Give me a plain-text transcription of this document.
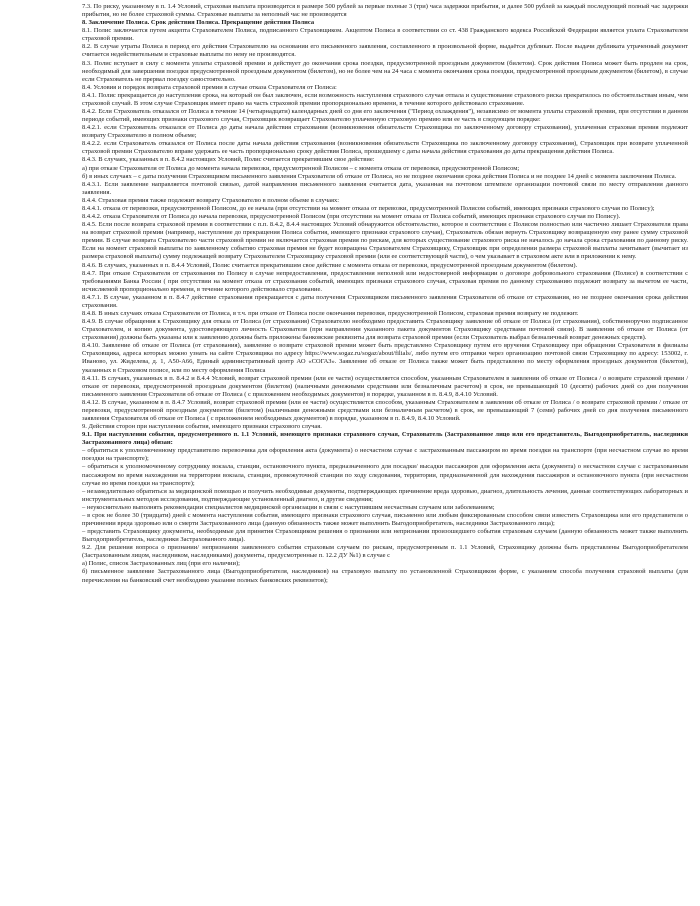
7.3. По риску, указанному в п. 1.4 Условий, страховая выплата производится в размере 500 рублей за первые полные 3 (три) часа задержки прибытия, и далее 500 рублей за каждый последующий полный час задержки прибытия, но не более страховой суммы. Страховые выплаты за неполный час не производятся

8. Заключение Полиса. Срок действия Полиса. Прекращение действия Полиса

8.1. Полис заключается путем акцепта Страхователем Полиса, подписанного Страховщиком. Акцептом Полиса в соответствии со ст. 438 Гражданского кодекса Российской Федерации является уплата Страхователем страховой премии.

8.2. В случае утраты Полиса в период его действия Страхователю на основании его письменного заявления, составленного в произвольной форме, выдаётся дубликат. После выдачи дубликата утраченный документ считается недействительным и страховые выплаты по нему не производятся.

8.3. Полис вступает в силу с момента уплаты страховой премии и действует до окончания срока поездки, предусмотренной проездным документом (билетом). Срок действия Полиса может быть продлен на срок, необходимый для завершения поездки предусмотренной проездным документом (билетом), но не более чем на 24 часа с момента окончания срока поездки, предусмотренной проездным документом (билетом), в случае если Страхователь не прервал поездку самостоятельно.

8.4. Условия и порядок возврата страховой премии в случае отказа Страхователя от Полиса:

8.4.1. Полис прекращается до наступления срока, на который он был заключен, если возможность наступления страхового случая отпала и существование страхового риска прекратилось по обстоятельствам иным, чем страховой случай. В этом случае Страховщик имеет право на часть страховой премии пропорционально времени, в течение которого действовало страхование.

8.4.2. Если Страхователь отказался от Полиса в течение 14 (четырнадцати) календарных дней со дня его заключения ("Период охлаждения"), независимо от момента уплаты страховой премии, при отсутствии в данном периоде событий, имеющих признаки страхового случая, Страховщик возвращает Страхователю уплаченную страховую премию или ее часть в следующем порядке:

8.4.2.1. если Страхователь отказался от Полиса до даты начала действия страхования (возникновения обязательств Страховщика по заключенному договору страхования), уплаченная страховая премия подлежит возврату Страхователю в полном объеме;

8.4.2.2. если Страхователь отказался от Полиса после даты начала действия страхования (возникновения обязательств Страховщика по заключенному договору страхования), Страховщик при возврате уплаченной страховой премии Страхователю вправе удержать ее часть пропорционально сроку действия Полиса, прошедшему с даты начала действия страхования до даты прекращения действия Полиса.

8.4.3. В случаях, указанных в п. 8.4.2 настоящих Условий, Полис считается прекратившим свое действие:

а) при отказе Страхователя от Полиса до момента начала перевозки, предусмотренной Полисом – с момента отказа от перевозки, предусмотренной Полисом;

б) в иных случаях – с даты получения Страховщиком письменного заявления Страхователя об отказе от Полиса, но не позднее окончания срока действия Полиса и не позднее 14 дней с момента заключения Полиса.

8.4.3.1. Если заявление направляется почтовой связью, датой направления письменного заявления считается дата, указанная на почтовом штемпеле организации почтовой связи по месту отправления данного заявления.

8.4.4. Страховая премия также подлежит возврату Страхователю в полном объеме в случаях:

8.4.4.1. отказа от перевозки, предусмотренной Полисом, до ее начала (при отсутствии на момент отказа от перевозки, предусмотренной Полисом событий, имеющих признаки страхового случая по Полису);

8.4.4.2. отказа Страхователя от Полиса до начала перевозки, предусмотренной Полисом (при отсутствии на момент отказа от Полиса событий, имеющих признаки страхового случая по Полису).

8.4.5. Если после возврата страховой премии в соответствии с п.п. 8.4.2, 8.4.4 настоящих Условий обнаружится обстоятельство, которое в соответствии с Полисом полностью или частично лишает Страхователя права на возврат страховой премии (например, наступление до прекращения Полиса события, имеющего признаки страхового случая), Страхователь обязан вернуть Страховщику возвращенную ему ранее сумму страховой премии. В случае возврата Страхователю части страховой премии не включается страховая премия по рискам, для которых существование страхового риска не началось до начала срока страхования по данному риску. Если на момент страховой выплаты по заявленному событию страховая премия не будет возвращена Страхователем Страховщику, Страховщик при определении размера страховой выплаты зачитывает (вычитает из размера страховой выплаты) сумму подлежащей возврату Страхователем Страховщику страховой премии (или ее соответствующей части), о чем указывает в страховом акте или в приложении к нему.

8.4.6. В случаях, указанных в п. 8.4.4 Условий, Полис считается прекратившим свое действие с момента отказа от перевозки, предусмотренной проездным документом (билетом).

8.4.7. При отказе Страхователя от страхования по Полису в случае непредоставления, предоставления неполной или недостоверной информации о договоре добровольного страхования (Полисе) в соответствии с требованиями Банка России ( при отсутствии на момент отказа от страхования событий, имеющих признаки страхового случая, страховая премия по данному страхованию подлежит возврату за вычетом ее части, исчисляемой пропорционально времени, в течение которого действовало страхование.

8.4.7.1. В случае, указанном в п. 8.4.7 действие страхования прекращается с даты получения Страховщиком письменного заявления Страхователя об отказе от страхования, но не позднее окончания срока действия страхования.

8.4.8. В иных случаях отказа Страхователя от Полиса, в т.ч. при отказе от Полиса после окончания перевозки, предусмотренной Полисом, страховая премия возврату не подлежит.

8.4.9. В случае обращения к Страховщику для отказа от Полиса (от страхования) Страхователю необходимо предоставить Страховщику заявление об отказе от Полиса (от страхования), собственноручно подписанное Страхователем, и копию документа, удостоверяющего личность Страхователя (при направлении указанного пакета документов Страховщику средствами почтовой связи). В заявлении об отказе от Полиса (от страхования) должны быть указаны или к заявлению должны быть приложены банковские реквизиты для возврата страховой премии (если Страхователь выбрал безналичный возврат денежных средств).

8.4.10. Заявление об отказе от Полиса (от страхования), заявление о возврате страховой премии может быть представлено Страховщику путем его вручения Страховщику при обращении Страхователя в филиалы Страховщика, адреса которых можно узнать на сайте Страховщика по адресу https://www.sogaz.ru/sogaz/about/filials/, либо путем его отправки через организацию почтовой связи Страховщику по адресу: 153002, г. Иваново, ул. Жиделева, д. 1, А50-А66, Единый административный центр АО «СОГАЗ». Заявление об отказе от Полиса также может быть представлено по месту оформления проездных документов (билетов), указанных в Страховом полисе, или по месту оформления Полиса

8.4.11. В случаях, указанных в п. 8.4.2 и 8.4.4 Условий, возврат страховой премии (или ее части) осуществляется способом, указанным Страхователем в заявлении об отказе от Полиса / о возврате страховой премии / отказе от перевозки, предусмотренной проездным документом (билетом) (наличными денежными средствами или безналичным расчетом) в срок, не превышающий 10 (десяти) рабочих дней со дня получения письменного заявления Страхователя об отказе от Полиса ( с приложением необходимых документов) в порядке, указанном в п. 8.4.9, 8.4.10 Условий.

8.4.12. В случае, указанном в п. 8.4.7 Условий, возврат страховой премии (или ее части) осуществляется способом, указанным Страхователем в заявлении об отказе от Полиса / о возврате страховой премии / отказе от перевозки, предусмотренной проездным документом (билетом) (наличными денежными средствами или безналичным расчетом) в срок, не превышающий 7 (семи) рабочих дней со дня получения письменного заявления Страхователя об отказе от Полиса ( с приложением необходимых документов) в порядке, указанном в п. 8.4.9, 8.4.10 Условий.

9. Действия сторон при наступлении события, имеющего признаки страхового случая.

9.1. При наступлении события, предусмотренного п. 1.1 Условий, имеющего признаки страхового случая, Страхователь (Застрахованное лицо или его представитель, Выгодоприобретатель, наследники Застрахованного лица) обязан:

– обратиться к уполномоченному представителю перевозчика для оформления акта (документа) о несчастном случае с застрахованным пассажиром во время поездки на транспорте (при несчастном случае во время поездки на транспорте);

– обратиться к уполномоченному сотруднику вокзала, станции, остановочного пункта, предназначенного для посадки/ высадки пассажиров для оформления акта (документа) о несчастном случае с застрахованным пассажиром во время нахождения на территории вокзала, станции, промежуточной станции по ходу следования, территории, предназначенной для нахождения пассажиров и остановочного пункта (при несчастном случае во время поездки на транспорте);

– незамедлительно обратиться за медицинской помощью и получить необходимые документы, подтверждающих причинение вреда здоровью, диагноз, длительность лечения, данные соответствующих лабораторных и инструментальных методов исследования, подтверждающие установленный диагноз, и другие сведения;

– неукоснительно выполнять рекомендации специалистов медицинской организации в связи с наступившим несчастным случаем или заболеванием;

– в срок не более 30 (тридцати) дней с момента наступления события, имеющего признаки страхового случая, письменно или любым фиксированным способом связи известить Страховщика или его представителя о причинении вреда здоровью или о смерти Застрахованного лица (данную обязанность также может выполнить Выгодоприобретатель, наследники Застрахованного лица);

– представить Страховщику документы, необходимые для принятия Страховщиком решения о признании или непризнании произошедшего события страховым случаем (данную обязанность может также выполнить Выгодоприобретатель, наследники Застрахованного лица).

9.2. Для решения вопроса о признании/ непризнании заявленного события страховым случаем по рискам, предусмотренным п. 1.1 Условий, Страховщику должны быть представлены Выгодоприобретателем (Застрахованным лицом, наследником, наследниками) документы, предусмотренные п. 12.2 ДУ №1) в случае с

а) Полис, список Застрахованных лиц (при его наличии);

б) письменное заявление Застрахованного лица (Выгодоприобретателя, наследников) на страховую выплату по установленной Страховщиком форме, с указанием способа получения страховой выплаты (для перечисления на банковский счет необходимо указание полных банковских реквизитов);
